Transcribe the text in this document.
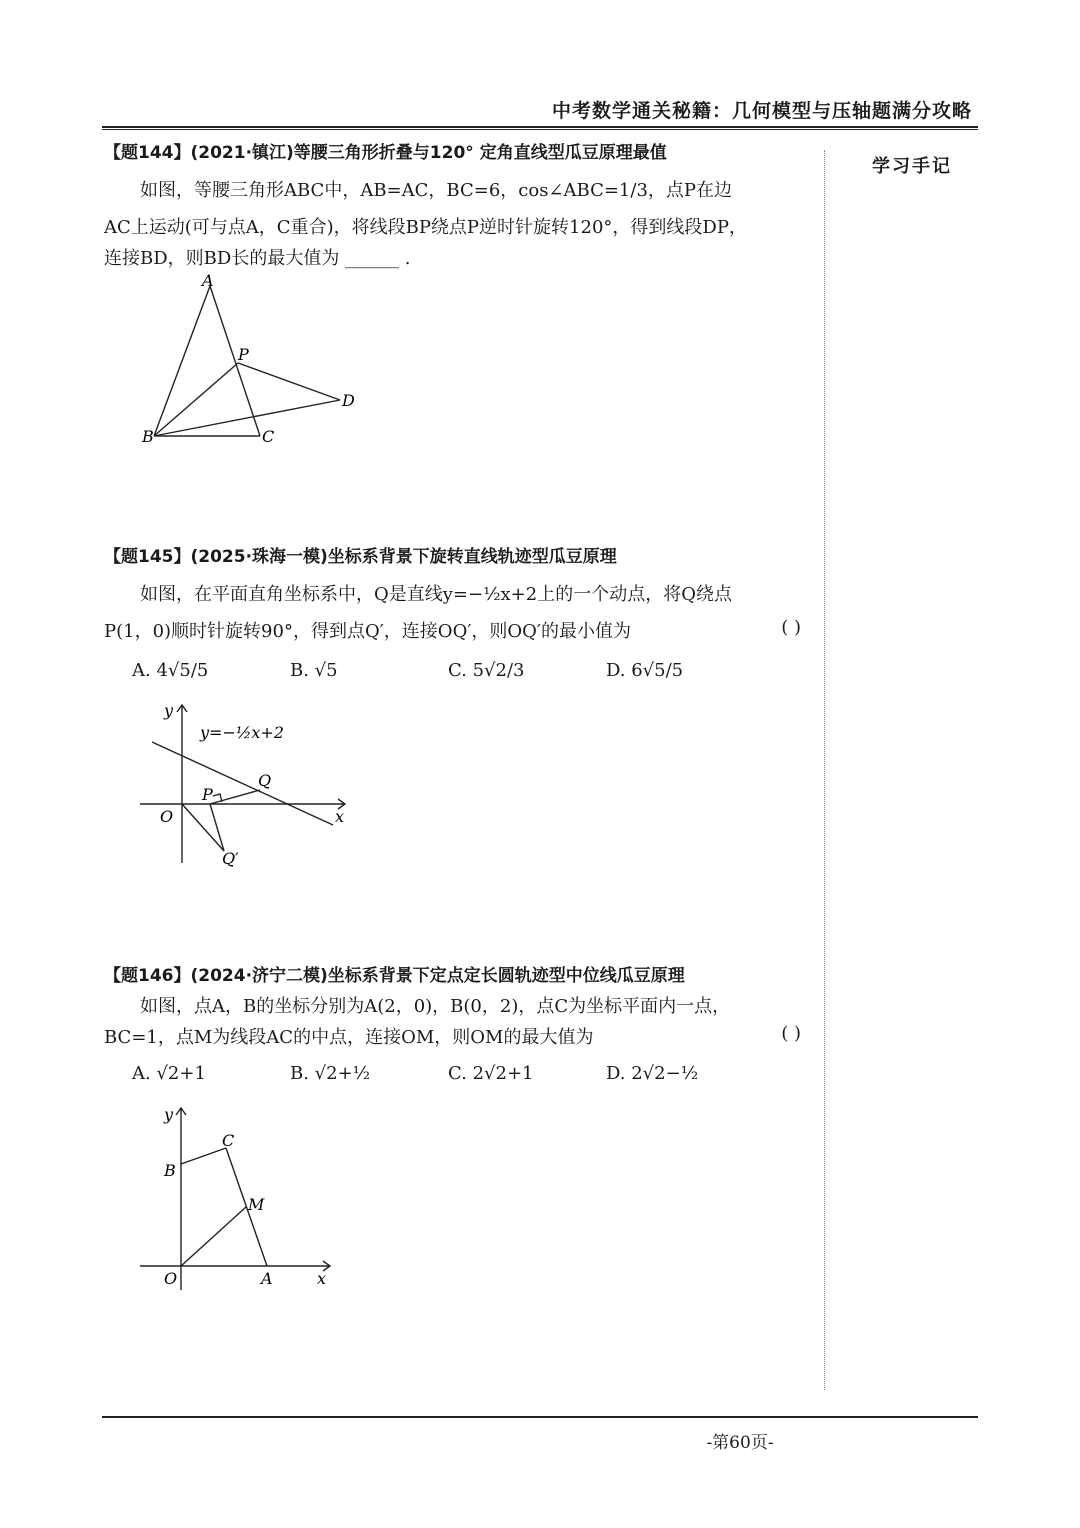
中考数学通关秘籍：几何模型与压轴题满分攻略
学习手记
【题144】(2021·镇江)等腰三角形折叠与120° 定角直线型瓜豆原理最值
如图，等腰三角形ABC中，AB=AC，BC=6，cos∠ABC=1/3，点P在边
AC上运动(可与点A，C重合)，将线段BP绕点P逆时针旋转120°，得到线段DP，
连接BD，则BD长的最大值为 ______ .
A
B	C
P
D
【题145】(2025·珠海一模)坐标系背景下旋转直线轨迹型瓜豆原理
如图，在平面直角坐标系中，Q是直线y=−½x+2上的一个动点，将Q绕点
P(1，0)顺时针旋转90°，得到点Q′，连接OQ′，则OQ′的最小值为	( )
A. 4√5/5	B. √5	C. 5√2/3	D. 6√5/5
y
x
O
P
Q
Q′
y=−½x+2
【题146】(2024·济宁二模)坐标系背景下定点定长圆轨迹型中位线瓜豆原理
如图，点A，B的坐标分别为A(2，0)，B(0，2)，点C为坐标平面内一点，
BC=1，点M为线段AC的中点，连接OM，则OM的最大值为	( )
A. √2+1	B. √2+½	C. 2√2+1	D. 2√2−½
y
x
O
B
C
M
A
-第60页-
